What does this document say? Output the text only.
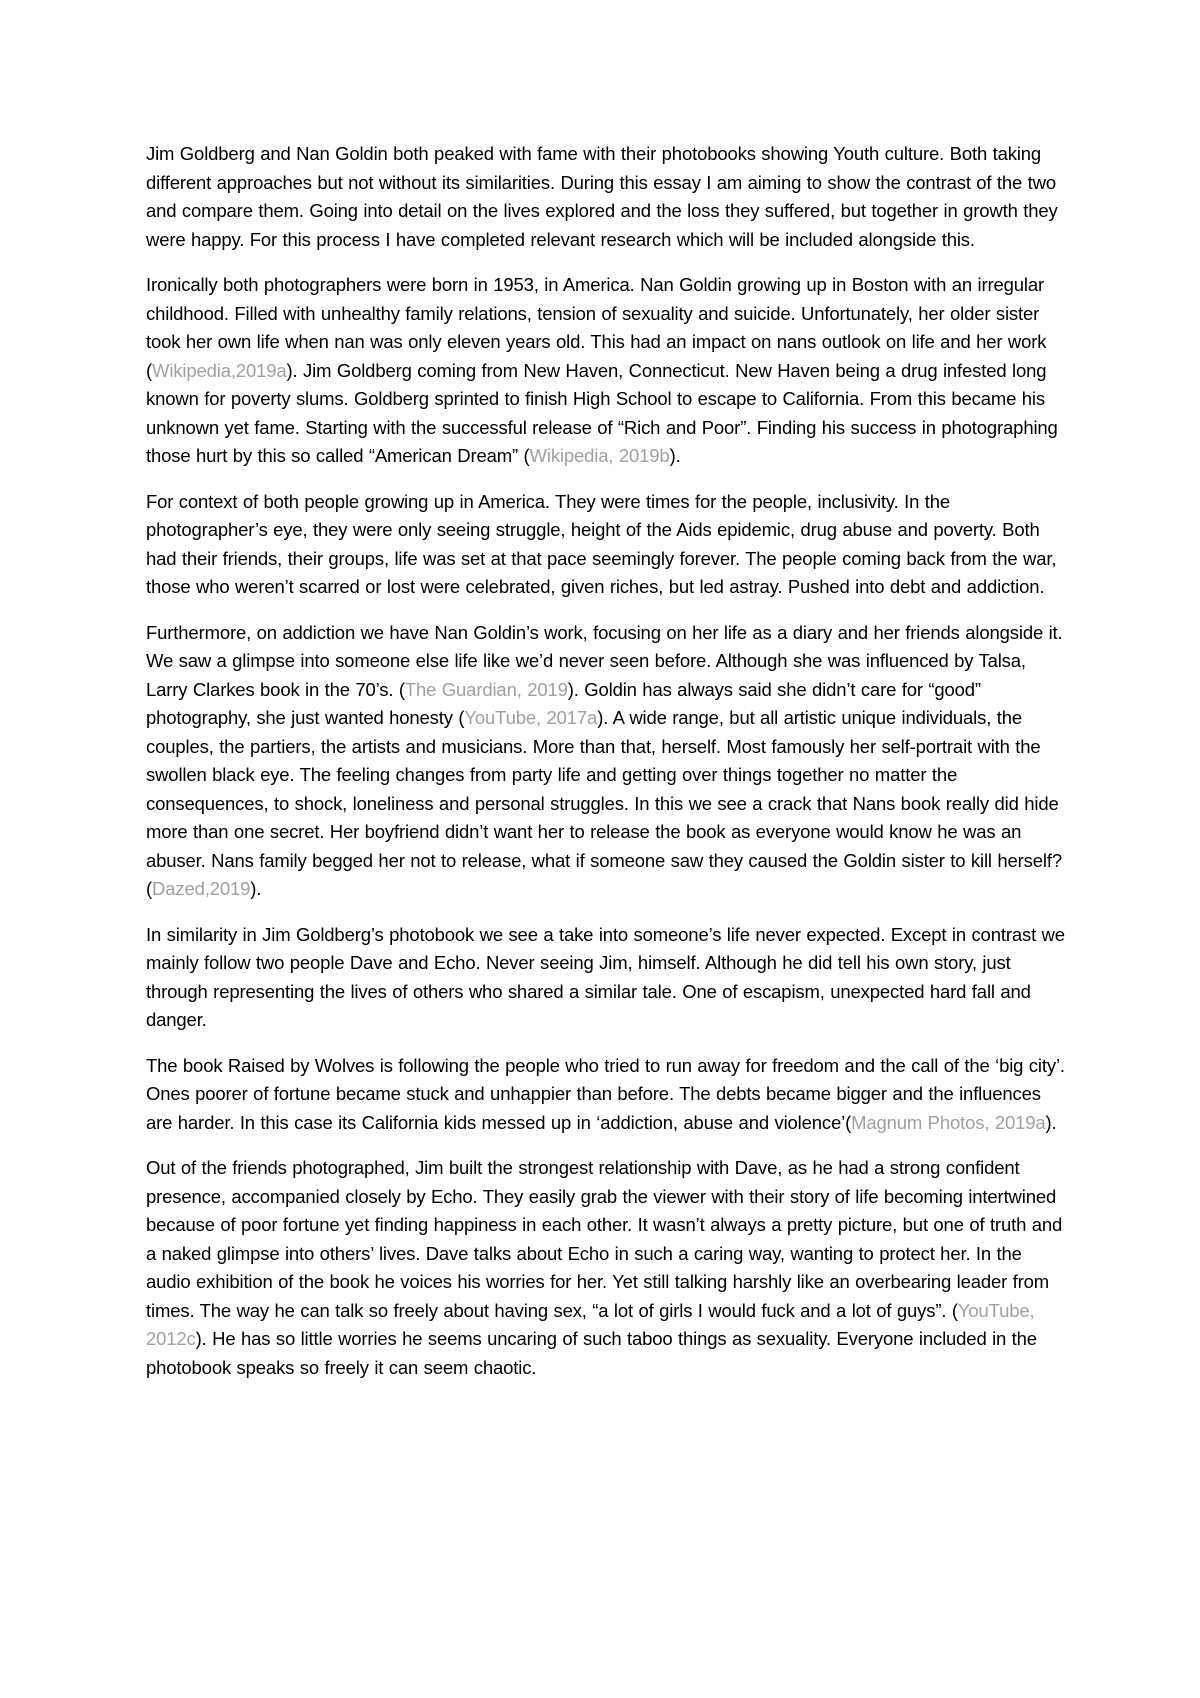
Jim Goldberg and Nan Goldin both peaked with fame with their photobooks showing Youth culture. Both taking different approaches but not without its similarities. During this essay I am aiming to show the contrast of the two and compare them. Going into detail on the lives explored and the loss they suffered, but together in growth they were happy. For this process I have completed relevant research which will be included alongside this.

Ironically both photographers were born in 1953, in America. Nan Goldin growing up in Boston with an irregular childhood. Filled with unhealthy family relations, tension of sexuality and suicide. Unfortunately, her older sister took her own life when nan was only eleven years old. This had an impact on nans outlook on life and her work (Wikipedia,2019a). Jim Goldberg coming from New Haven, Connecticut. New Haven being a drug infested long known for poverty slums. Goldberg sprinted to finish High School to escape to California. From this became his unknown yet fame. Starting with the successful release of “Rich and Poor”. Finding his success in photographing those hurt by this so called “American Dream” (Wikipedia, 2019b).

For context of both people growing up in America. They were times for the people, inclusivity. In the photographer’s eye, they were only seeing struggle, height of the Aids epidemic, drug abuse and poverty. Both had their friends, their groups, life was set at that pace seemingly forever. The people coming back from the war, those who weren’t scarred or lost were celebrated, given riches, but led astray. Pushed into debt and addiction.

Furthermore, on addiction we have Nan Goldin’s work, focusing on her life as a diary and her friends alongside it. We saw a glimpse into someone else life like we’d never seen before. Although she was influenced by Talsa, Larry Clarkes book in the 70’s. (The Guardian, 2019). Goldin has always said she didn’t care for “good” photography, she just wanted honesty (YouTube, 2017a). A wide range, but all artistic unique individuals, the couples, the partiers, the artists and musicians. More than that, herself. Most famously her self-portrait with the swollen black eye. The feeling changes from party life and getting over things together no matter the consequences, to shock, loneliness and personal struggles. In this we see a crack that Nans book really did hide more than one secret. Her boyfriend didn’t want her to release the book as everyone would know he was an abuser. Nans family begged her not to release, what if someone saw they caused the Goldin sister to kill herself? (Dazed,2019).

In similarity in Jim Goldberg’s photobook we see a take into someone’s life never expected. Except in contrast we mainly follow two people Dave and Echo. Never seeing Jim, himself. Although he did tell his own story, just through representing the lives of others who shared a similar tale. One of escapism, unexpected hard fall and danger.

The book Raised by Wolves is following the people who tried to run away for freedom and the call of the ‘big city’. Ones poorer of fortune became stuck and unhappier than before. The debts became bigger and the influences are harder. In this case its California kids messed up in ‘addiction, abuse and violence’(Magnum Photos, 2019a).

Out of the friends photographed, Jim built the strongest relationship with Dave, as he had a strong confident presence, accompanied closely by Echo. They easily grab the viewer with their story of life becoming intertwined because of poor fortune yet finding happiness in each other. It wasn’t always a pretty picture, but one of truth and a naked glimpse into others’ lives. Dave talks about Echo in such a caring way, wanting to protect her. In the audio exhibition of the book he voices his worries for her. Yet still talking harshly like an overbearing leader from times. The way he can talk so freely about having sex, “a lot of girls I would fuck and a lot of guys”. (YouTube, 2012c). He has so little worries he seems uncaring of such taboo things as sexuality. Everyone included in the photobook speaks so freely it can seem chaotic.
